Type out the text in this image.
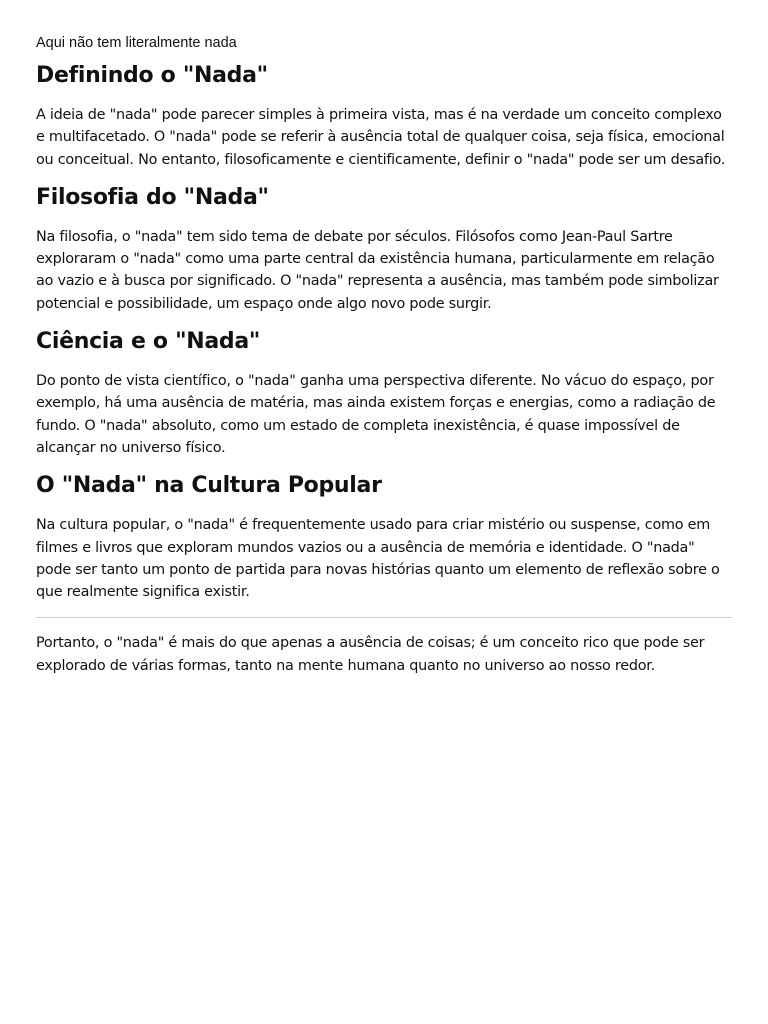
Aqui não tem literalmente nada
Definindo o "Nada"

A ideia de "nada" pode parecer simples à primeira vista, mas é na verdade um conceito complexo e multifacetado. O "nada" pode se referir à ausência total de qualquer coisa, seja física, emocional ou conceitual. No entanto, filosoficamente e cientificamente, definir o "nada" pode ser um desafio.

Filosofia do "Nada"

Na filosofia, o "nada" tem sido tema de debate por séculos. Filósofos como Jean-Paul Sartre exploraram o "nada" como uma parte central da existência humana, particularmente em relação ao vazio e à busca por significado. O "nada" representa a ausência, mas também pode simbolizar potencial e possibilidade, um espaço onde algo novo pode surgir.

Ciência e o "Nada"

Do ponto de vista científico, o "nada" ganha uma perspectiva diferente. No vácuo do espaço, por exemplo, há uma ausência de matéria, mas ainda existem forças e energias, como a radiação de fundo. O "nada" absoluto, como um estado de completa inexistência, é quase impossível de alcançar no universo físico.

O "Nada" na Cultura Popular

Na cultura popular, o "nada" é frequentemente usado para criar mistério ou suspense, como em filmes e livros que exploram mundos vazios ou a ausência de memória e identidade. O "nada" pode ser tanto um ponto de partida para novas histórias quanto um elemento de reflexão sobre o que realmente significa existir.

Portanto, o "nada" é mais do que apenas a ausência de coisas; é um conceito rico que pode ser explorado de várias formas, tanto na mente humana quanto no universo ao nosso redor.
